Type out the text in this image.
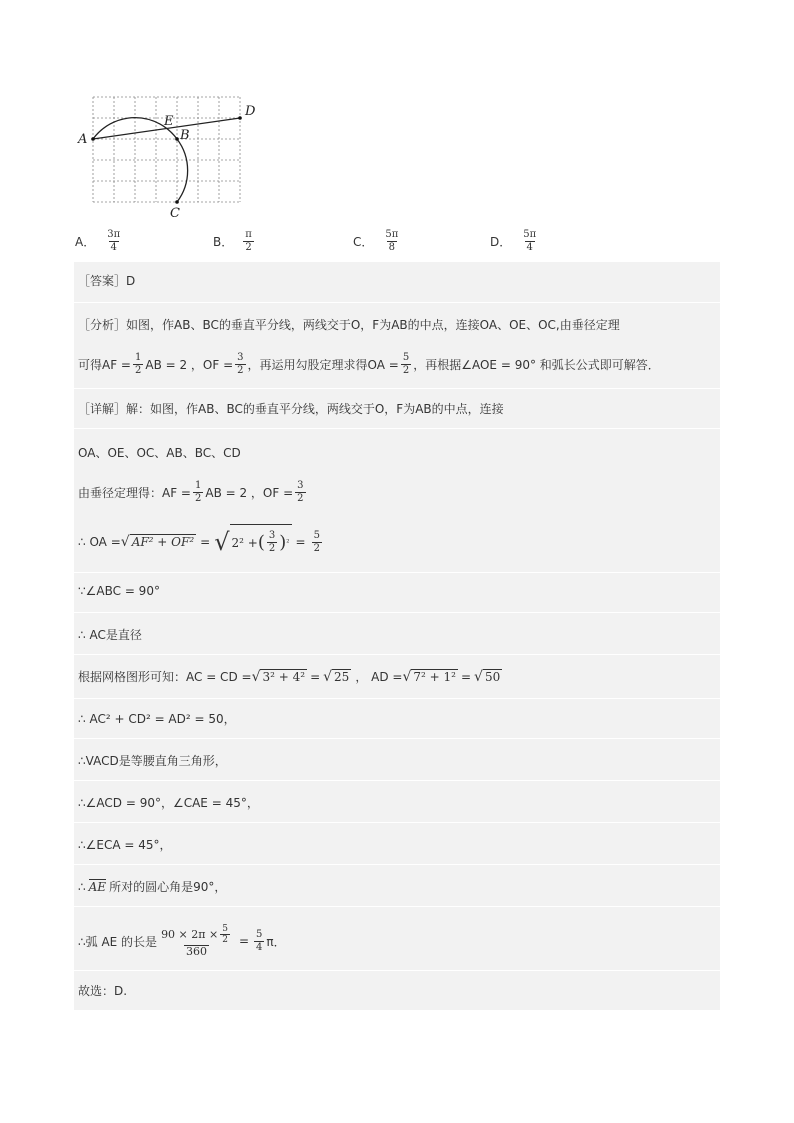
A
E
B
D
C
A． $\frac{3\pi}{4}$	B． $\frac{\pi}{2}$	C． $\frac{5\pi}{8}$	D． $\frac{5\pi}{4}$
［答案］D
［分析］如图，作AB、BC的垂直平分线，两线交于O，F为AB的中点，连接OA、OE、OC,由垂径定理
可得AF = $\frac{1}{2}$ AB = 2 ，OF = $\frac{3}{2}$ ，再运用勾股定理求得OA = $\frac{5}{2}$ ，再根据∠AOE = 90° 和弧长公式即可解答．
［详解］解：如图，作AB、BC的垂直平分线，两线交于O，F为AB的中点，连接
OA、OE、OC、AB、BC、CD
由垂径定理得：AF = $\frac{1}{2}$ AB = 2 ，OF = $\frac{3}{2}$
∴ OA = √ AF² + OF² = √ 2² + ( $\frac{3}{2}$ ) $^2 = \frac{5}{2}$
∵∠ABC = 90°
∴ AC是直径
根据网格图形可知：AC = CD = √ 3² + 4² = √ 25 ， AD = √ 7² + 1² = √ 50
∴ AC² + CD² = AD² = 50，
∴VACD是等腰直角三角形，
∴∠ACD = 90°，∠CAE = 45°，
∴∠ECA = 45°，
∴ AE 所对的圆心角是90°，
∴弧 AE 的长是 $\frac{90 \times 2\pi \times \frac{5}{2}}{360} = \frac{5}{4}$ π．
故选：D.
